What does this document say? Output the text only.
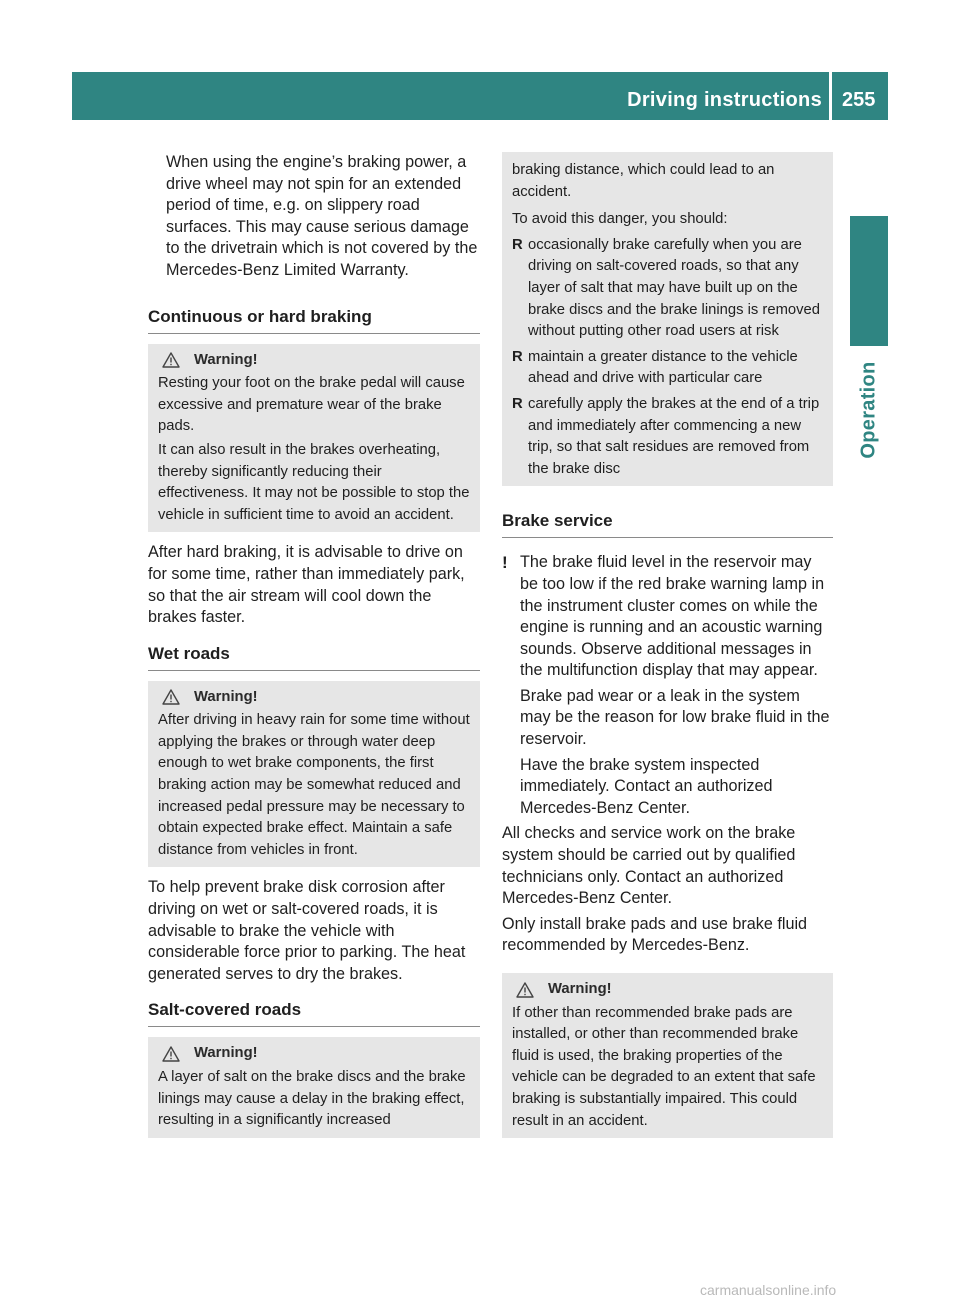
Driving instructions 255
Operation

When using the engine’s braking power, a drive wheel may not spin for an extended period of time, e.g. on slippery road surfaces. This may cause serious damage to the drivetrain which is not covered by the Mercedes-Benz Limited Warranty.

Continuous or hard braking
Warning!

Resting your foot on the brake pedal will cause excessive and premature wear of the brake pads.

It can also result in the brakes overheating, thereby significantly reducing their effectiveness. It may not be possible to stop the vehicle in sufficient time to avoid an accident.

After hard braking, it is advisable to drive on for some time, rather than immediately park, so that the air stream will cool down the brakes faster.

Wet roads
Warning!

After driving in heavy rain for some time without applying the brakes or through water deep enough to wet brake components, the first braking action may be somewhat reduced and increased pedal pressure may be necessary to obtain expected brake effect. Maintain a safe distance from vehicles in front.

To help prevent brake disk corrosion after driving on wet or salt-covered roads, it is advisable to brake the vehicle with considerable force prior to parking. The heat generated serves to dry the brakes.

Salt-covered roads
Warning!

A layer of salt on the brake discs and the brake linings may cause a delay in the braking effect, resulting in a significantly increased

braking distance, which could lead to an accident.

To avoid this danger, you should:

R occasionally brake carefully when you are driving on salt-covered roads, so that any layer of salt that may have built up on the brake discs and the brake linings is removed without putting other road users at risk
R maintain a greater distance to the vehicle ahead and drive with particular care
R carefully apply the brakes at the end of a trip and immediately after commencing a new trip, so that salt residues are removed from the brake disc
Brake service
! The brake fluid level in the reservoir may be too low if the red brake warning lamp in the instrument cluster comes on while the engine is running and an acoustic warning sounds. Observe additional messages in the multifunction display that may appear.

Brake pad wear or a leak in the system may be the reason for low brake fluid in the reservoir.

Have the brake system inspected immediately. Contact an authorized Mercedes-Benz Center.

All checks and service work on the brake system should be carried out by qualified technicians only. Contact an authorized Mercedes-Benz Center.

Only install brake pads and use brake fluid recommended by Mercedes-Benz.

Warning!

If other than recommended brake pads are installed, or other than recommended brake fluid is used, the braking properties of the vehicle can be degraded to an extent that safe braking is substantially impaired. This could result in an accident.

carmanualsonline.info
